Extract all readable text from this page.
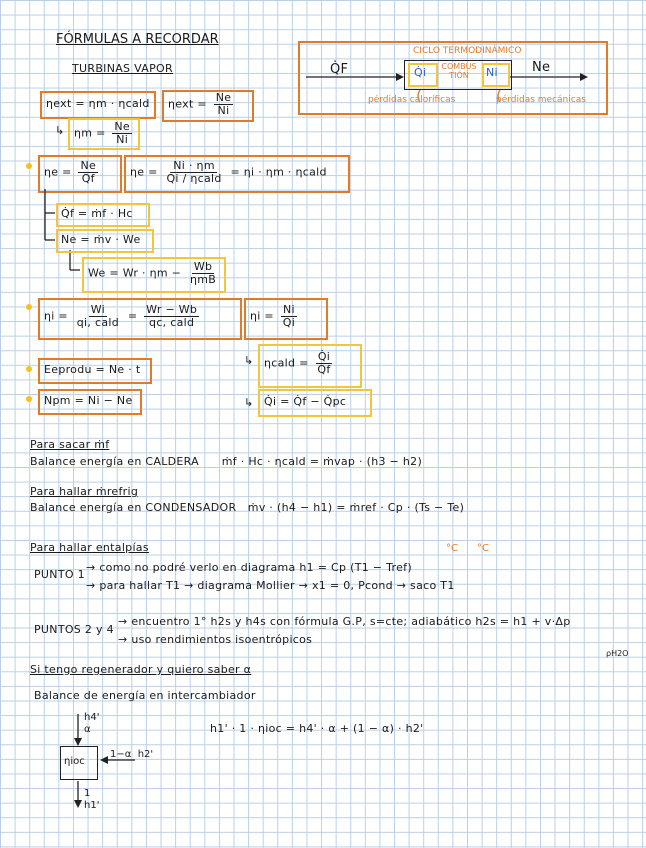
FÓRMULAS A RECORDAR
TURBINAS VAPOR	Q̇F
CICLO TERMODINÁMICO
Q̇i COMBUS TIÓN	Ni	Ne
pérdidas caloríficas	pérdidas mecánicas
ηext = ηm · ηcald $\eta ext = \frac{Ne}{Ni}$
↳ $\eta m = \frac{Ne}{Ni}$
$\eta e = \frac{Ne}{Q̇f}$	$\eta e = \frac{Ni \cdot \eta m}{\text{Q̇i / ηcald}} = \eta i \cdot \eta m$ · ηcald
Q̇f = ṁf · Hc
Ne = ṁv · We
$We = Wr \cdot \eta m - \frac{Wb}{\text{ηmB}}$
$\eta i = \frac{Wi}{\text{qi, cald}} = \frac{Wr - Wb}{\text{qc, cald}}$	$\eta i = \frac{Ni}{Q̇i}$
↳ ηcald = $\frac{Q̇i}{Q̇f}$
Eeprodu = Ne · t
Npm = Ni − Ne	↳ Q̇i = Q̇f − Q̇pc
Para sacar ṁf
Balance energía en CALDERA      ṁf · Hc · ηcald = ṁvap · (h3 − h2)
Para hallar ṁrefrig
Balance energía en CONDENSADOR   ṁv · (h4 − h1) = ṁref · Cp · (Ts − Te)
Para hallar entalpías	°C      °C
PUNTO 1
→ como no podré verlo en diagrama h1 = Cp (T1 − Tref)
→ para hallar T1 → diagrama Mollier → x1 = 0, Pcond → saco T1
PUNTOS 2 y 4
→ encuentro 1° h2s y h4s con fórmula G.P, s=cte; adiabático h2s = h1 + v·Δp
→ uso rendimientos isoentrópicos
ρH2O
Si tengo regenerador y quiero saber α
Balance de energía en intercambiador
h1' · 1 · ηioc = h4' · α + (1 − α) · h2'
h4'
α
ηioc
1−α  h2'
1
h1'
